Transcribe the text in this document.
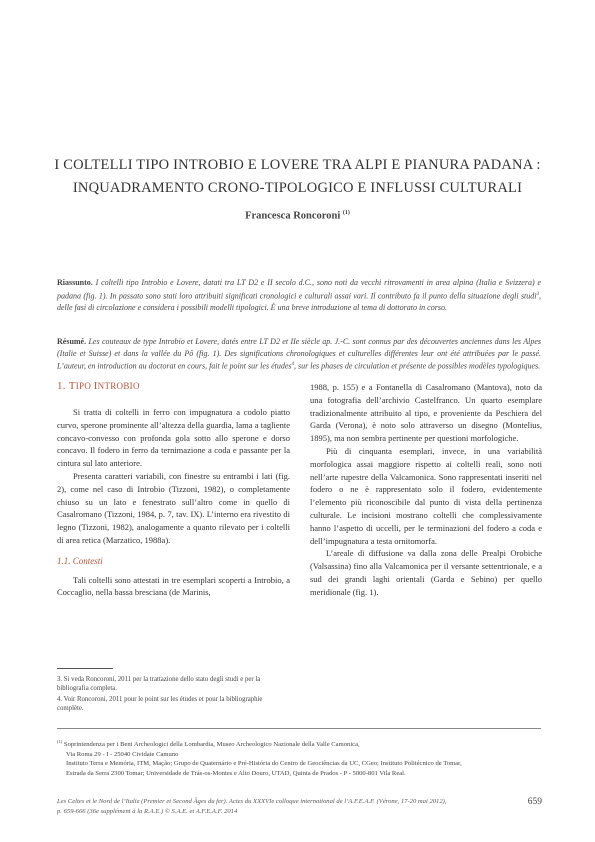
I COLTELLI TIPO INTROBIO E LOVERE TRA ALPI E PIANURA PADANA :
INQUADRAMENTO CRONO-TIPOLOGICO E INFLUSSI CULTURALI
Francesca Roncoroni $^{(1)}$
Riassunto. I coltelli tipo Introbio e Lovere, datati tra LT D2 e II secolo d.C., sono noti da vecchi ritrovamenti in area alpina (Italia e Svizzera) e padana (fig. 1). In passato sono stati loro attribuiti significati cronologici e culturali assai vari. Il contributo fa il punto della situazione degli studi$^3$, delle fasi di circolazione e considera i possibili modelli tipologici. È una breve introduzione al tema di dottorato in corso.
Résumé. Les couteaux de type Introbio et Lovere, datés entre LT D2 et IIe siècle ap. J.-C. sont connus par des découvertes anciennes dans les Alpes (Italie et Suisse) et dans la vallée du Pô (fig. 1). Des significations chronologiques et culturelles différentes leur ont été attribuées par le passé. L’auteur, en introduction au doctorat en cours, fait le point sur les études$^4$, sur les phases de circulation et présente de possibles modèles typologiques.
1. TIPO INTROBIO

Si tratta di coltelli in ferro con impugnatura a codolo piatto curvo, sperone prominente all’altezza della guardia, lama a tagliente concavo-convesso con profonda gola sotto allo sperone e dorso concavo. Il fodero in ferro da ternimazione a coda e passante per la cintura sul lato anteriore.

Presenta caratteri variabili, con finestre su entrambi i lati (fig. 2), come nel caso di Introbio (Tizzoni, 1982), o completamente chiuso su un lato e fenestrato sull’altro come in quello di Casalromano (Tizzoni, 1984, p. 7, tav. IX). L’interno era rivestito di legno (Tizzoni, 1982), analogamente a quanto rilevato per i coltelli di area retica (Marzatico, 1988a).

1.1. Contesti

Tali coltelli sono attestati in tre esemplari scoperti a Introbio, a Coccaglio, nella bassa bresciana (de Marinis,

1988, p. 155) e a Fontanella di Casalromano (Mantova), noto da una fotografia dell’archivio Castelfranco. Un quarto esemplare tradizionalmente attribuito al tipo, e proveniente da Peschiera del Garda (Verona), è noto solo attraverso un disegno (Montelius, 1895), ma non sembra pertinente per questioni morfologiche.

Più di cinquanta esemplari, invece, in una variabilità morfologica assai maggiore rispetto ai coltelli reali, sono noti nell’arte rupestre della Valcamonica. Sono rappresentati inseriti nel fodero o ne è rappresentato solo il fodero, evidentemente l’elemento più riconoscibile dal punto di vista della pertinenza culturale. Le incisioni mostrano coltelli che complessivamente hanno l’aspetto di uccelli, per le terminazioni del fodero a coda e dell’impugnatura a testa ornitomorfa.

L’areale di diffusione va dalla zona delle Prealpi Orobiche (Valsassina) fino alla Valcamonica per il versante settentrionale, e a sud dei grandi laghi orientali (Garda e Sebino) per quello meridionale (fig. 1).

3. Si veda Roncoroni, 2011 per la trattazione dello stato degli studi e per la bibliografia completa.
4. Voir Roncoroni, 2011 pour le point sur les études et pour la bibliographie complète.
$^{(1)}$ Soprintendenza per i Beni Archeologici della Lombardia, Museo Archeologico Nazionale della Valle Camonica,
Via Roma 29 - I - 25040 Cividate Camuno
Instituto Terra e Memória, ITM, Mação; Grupo de Quaternário e Pré-História do Centro de Geociências da UC, CGeo; Instituto Politécnico de Tomar,
Estrada da Serra 2300 Tomar; Universidade de Trás-os-Montes e Alto Douro, UTAD, Quinta de Prados - P - 5000-801 Vila Real.
Les Celtes et le Nord de l’Italie (Premier et Second Âges du fer). Actes du XXXVIe colloque international de l’A.F.E.A.F. (Vérone, 17-20 mai 2012),
p. 659-666 (36e supplément à la R.A.E.) © S.A.E. et A.F.E.A.F. 2014
659
